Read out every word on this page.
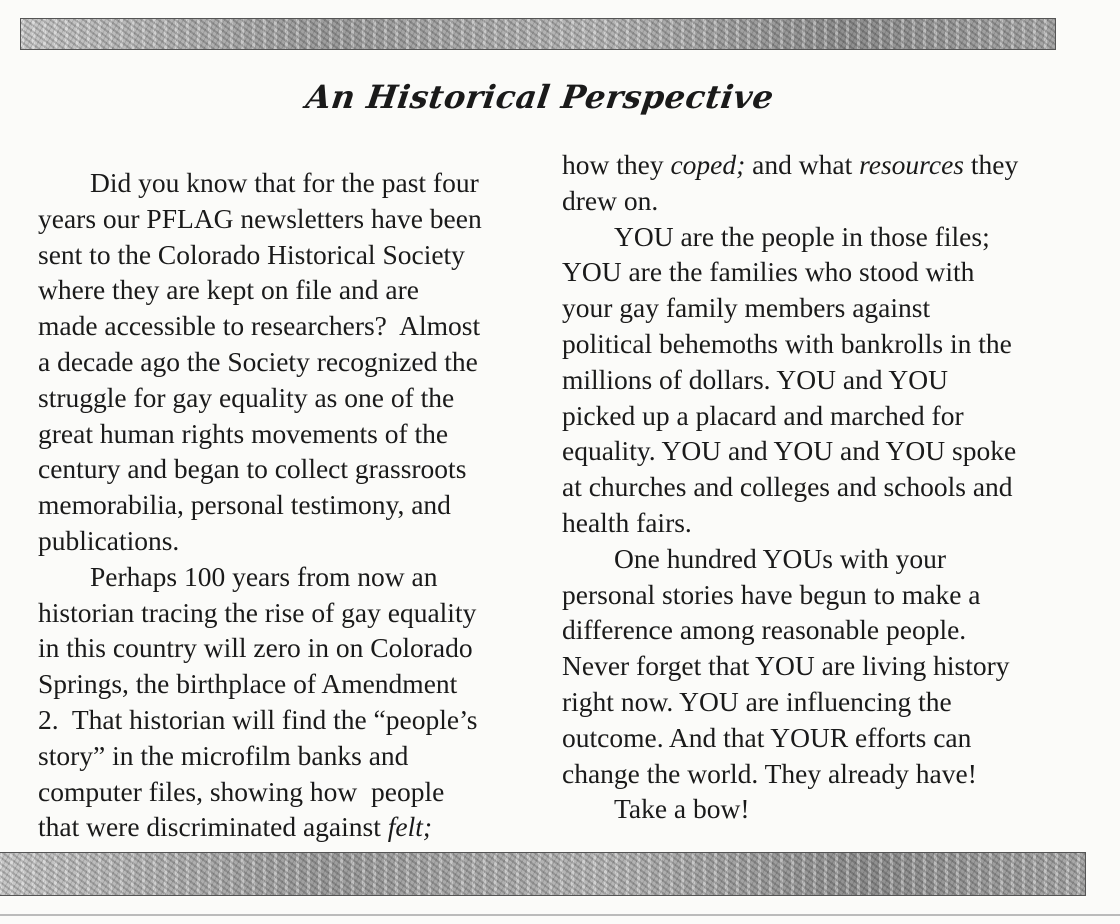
An Historical Perspective
Did you know that for the past four
years our PFLAG newsletters have been
sent to the Colorado Historical Society
where they are kept on file and are
made accessible to researchers?  Almost
a decade ago the Society recognized the
struggle for gay equality as one of the
great human rights movements of the
century and began to collect grassroots
memorabilia, personal testimony, and
publications.
Perhaps 100 years from now an
historian tracing the rise of gay equality
in this country will zero in on Colorado
Springs, the birthplace of Amendment
2.  That historian will find the “people’s
story” in the microfilm banks and
computer files, showing how  people
that were discriminated against felt;
how they coped; and what resources they
drew on.
YOU are the people in those files;
YOU are the families who stood with
your gay family members against
political behemoths with bankrolls in the
millions of dollars. YOU and YOU
picked up a placard and marched for
equality. YOU and YOU and YOU spoke
at churches and colleges and schools and
health fairs.
One hundred YOUs with your
personal stories have begun to make a
difference among reasonable people.
Never forget that YOU are living history
right now. YOU are influencing the
outcome. And that YOUR efforts can
change the world. They already have!
Take a bow!
